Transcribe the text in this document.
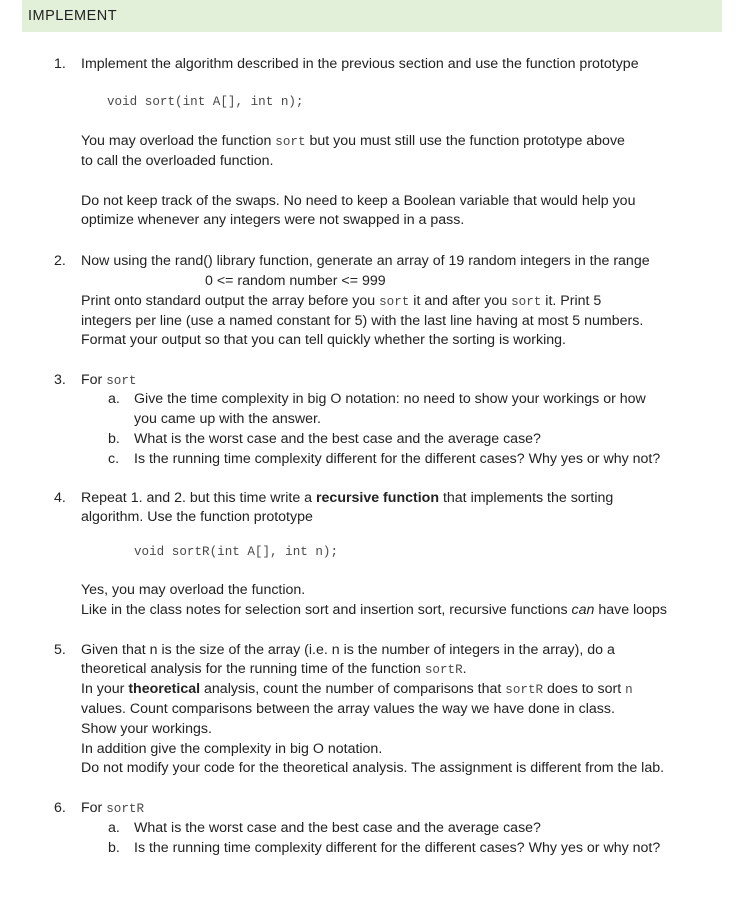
IMPLEMENT
1. Implement the algorithm described in the previous section and use the function prototype
void sort(int A[], int n);
You may overload the function sort but you must still use the function prototype above
to call the overloaded function.
Do not keep track of the swaps. No need to keep a Boolean variable that would help you
optimize whenever any integers were not swapped in a pass.
2. Now using the rand() library function, generate an array of 19 random integers in the range
0 <= random number <= 999
Print onto standard output the array before you sort it and after you sort it. Print 5
integers per line (use a named constant for 5) with the last line having at most 5 numbers.
Format your output so that you can tell quickly whether the sorting is working.
3. For sort
a. Give the time complexity in big O notation: no need to show your workings or how
you came up with the answer.
b. What is the worst case and the best case and the average case?
c. Is the running time complexity different for the different cases? Why yes or why not?
4. Repeat 1. and 2. but this time write a recursive function that implements the sorting
algorithm. Use the function prototype
void sortR(int A[], int n);
Yes, you may overload the function.
Like in the class notes for selection sort and insertion sort, recursive functions can have loops
5. Given that n is the size of the array (i.e. n is the number of integers in the array), do a
theoretical analysis for the running time of the function sortR.
In your theoretical analysis, count the number of comparisons that sortR does to sort n
values. Count comparisons between the array values the way we have done in class.
Show your workings.
In addition give the complexity in big O notation.
Do not modify your code for the theoretical analysis. The assignment is different from the lab.
6. For sortR
a. What is the worst case and the best case and the average case?
b. Is the running time complexity different for the different cases? Why yes or why not?
